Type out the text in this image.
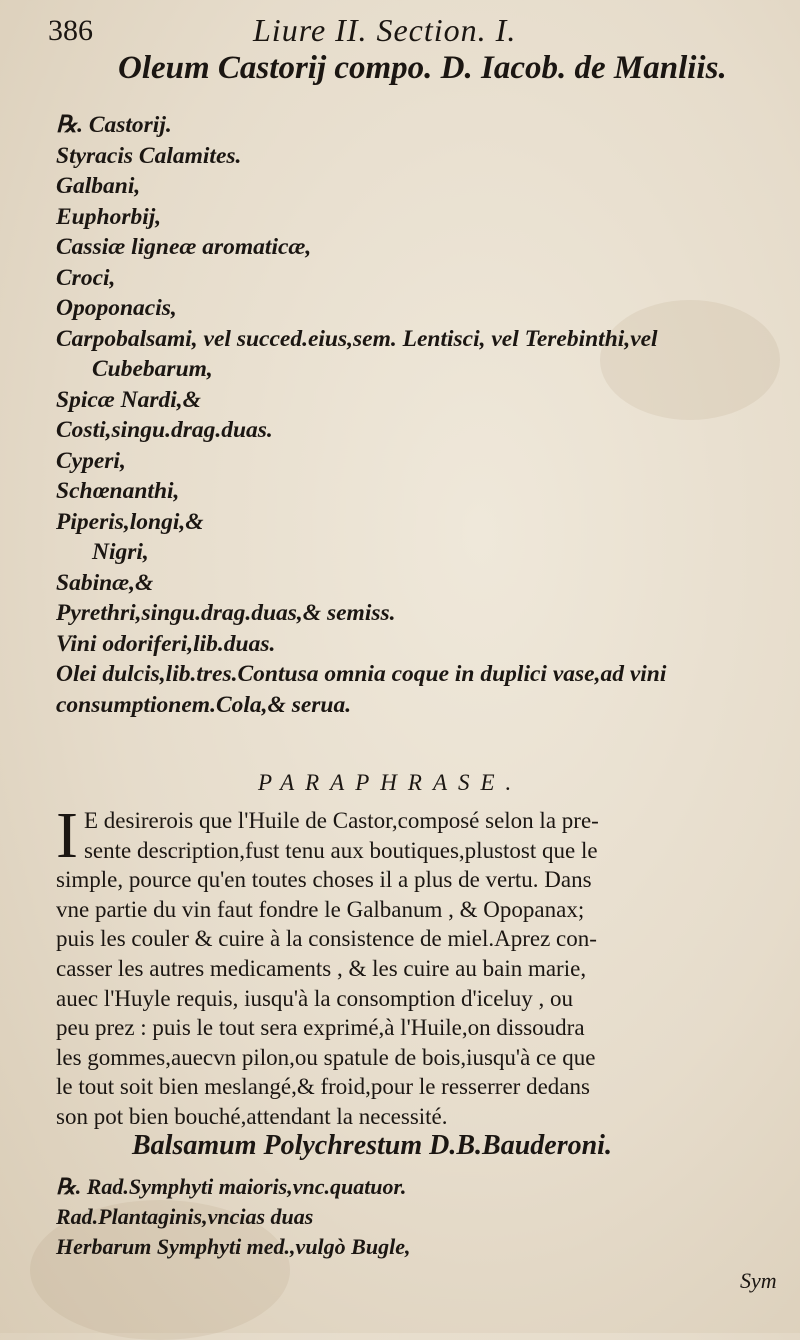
386	Liure II. Section. I.
Oleum Castorij compo. D. Iacob. de Manliis.
℞. Castorij.
Styracis Calamites.
Galbani,
Euphorbij,
Cassiæ ligneæ aromaticæ,
Croci,
Opoponacis,
Carpobalsami, vel succed.eius,sem. Lentisci, vel Terebinthi,vel
Cubebarum,
Spicæ Nardi,&
Costi,singu.drag.duas.
Cyperi,
Schœnanthi,
Piperis,longi,&
Nigri,
Sabinæ,&
Pyrethri,singu.drag.duas,& semiss.
Vini odoriferi,lib.duas.
Olei dulcis,lib.tres.Contusa omnia coque in duplici vase,ad vini
consumptionem.Cola,& serua.
PARAPHRASE.
I E desirerois que l'Huile de Castor,composé selon la pre-
sente description,fust tenu aux boutiques,plustost que le
simple, pource qu'en toutes choses il a plus de vertu. Dans
vne partie du vin faut fondre le Galbanum , & Opopanax;
puis les couler & cuire à la consistence de miel.Aprez con-
casser les autres medicaments , & les cuire au bain marie,
auec l'Huyle requis, iusqu'à la consomption d'iceluy , ou
peu prez : puis le tout sera exprimé,à l'Huile,on dissoudra
les gommes,auecvn pilon,ou spatule de bois,iusqu'à ce que
le tout soit bien meslangé,& froid,pour le resserrer dedans
son pot bien bouché,attendant la necessité.
Balsamum Polychrestum D.B.Bauderoni.
℞. Rad.Symphyti maioris,vnc.quatuor.
Rad.Plantaginis,vncias duas
Herbarum Symphyti med.,vulgò Bugle,
Sym
